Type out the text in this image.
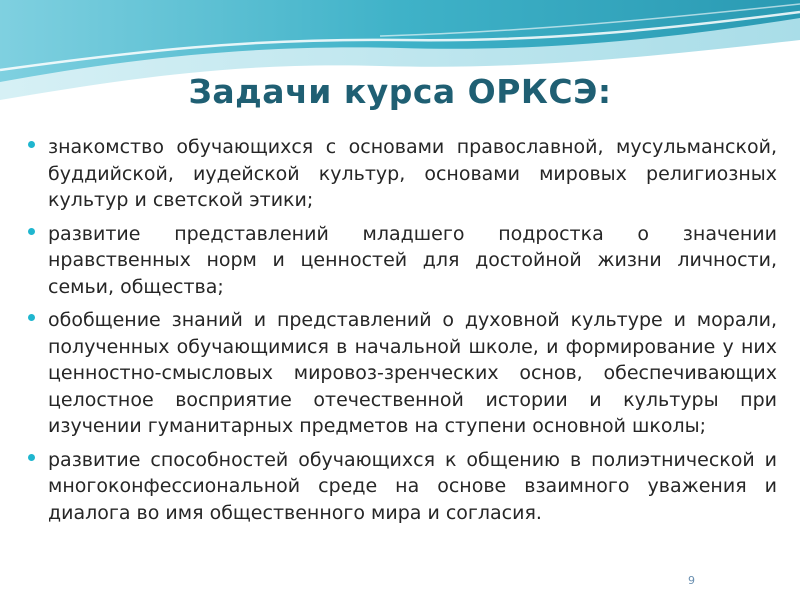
Задачи курса ОРКСЭ:
знакомство обучающихся с основами православной, мусульманской, буддийской, иудейской культур, основами мировых религиозных культур и светской этики;
развитие представлений младшего подростка о значении нравственных норм и ценностей для достойной жизни личности, семьи, общества;
обобщение знаний и представлений о духовной культуре и морали, полученных обучающимися в начальной школе, и формирование у них ценностно-смысловых мировоз-зренческих основ, обеспечивающих целостное восприятие отечественной истории и культуры при изучении гуманитарных предметов на ступени основной школы;
развитие способностей обучающихся к общению в полиэтнической и многоконфессиональной среде на основе взаимного уважения и диалога во имя общественного мира и согласия.
9
